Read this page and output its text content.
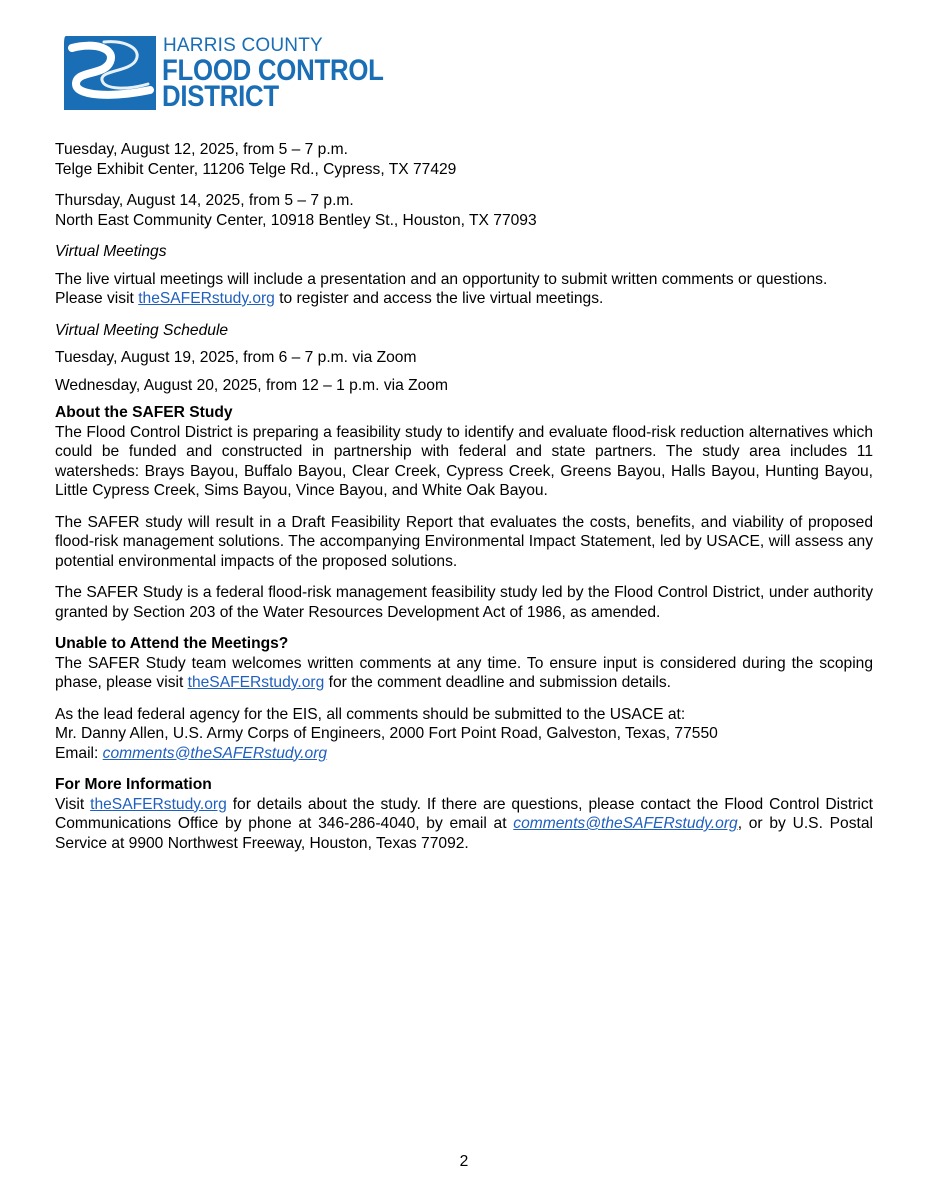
HARRIS COUNTY
FLOOD CONTROL
DISTRICT

Tuesday, August 12, 2025, from 5 – 7 p.m.
Telge Exhibit Center, 11206 Telge Rd., Cypress, TX 77429

Thursday, August 14, 2025, from 5 – 7 p.m.
North East Community Center, 10918 Bentley St., Houston, TX 77093

Virtual Meetings

The live virtual meetings will include a presentation and an opportunity to submit written comments or questions. Please visit theSAFERstudy.org to register and access the live virtual meetings.

Virtual Meeting Schedule

Tuesday, August 19, 2025, from 6 – 7 p.m. via Zoom

Wednesday, August 20, 2025, from 12 – 1 p.m. via Zoom

About the SAFER Study

The Flood Control District is preparing a feasibility study to identify and evaluate flood-risk reduction alternatives which could be funded and constructed in partnership with federal and state partners. The study area includes 11 watersheds: Brays Bayou, Buffalo Bayou, Clear Creek, Cypress Creek, Greens Bayou, Halls Bayou, Hunting Bayou, Little Cypress Creek, Sims Bayou, Vince Bayou, and White Oak Bayou.

The SAFER study will result in a Draft Feasibility Report that evaluates the costs, benefits, and viability of proposed flood-risk management solutions. The accompanying Environmental Impact Statement, led by USACE, will assess any potential environmental impacts of the proposed solutions.

The SAFER Study is a federal flood-risk management feasibility study led by the Flood Control District, under authority granted by Section 203 of the Water Resources Development Act of 1986, as amended.

Unable to Attend the Meetings?

The SAFER Study team welcomes written comments at any time. To ensure input is considered during the scoping phase, please visit theSAFERstudy.org for the comment deadline and submission details.

As the lead federal agency for the EIS, all comments should be submitted to the USACE at:
Mr. Danny Allen, U.S. Army Corps of Engineers, 2000 Fort Point Road, Galveston, Texas, 77550
Email: comments@theSAFERstudy.org

For More Information

Visit theSAFERstudy.org for details about the study. If there are questions, please contact the Flood Control District Communications Office by phone at 346-286-4040, by email at comments@theSAFERstudy.org, or by U.S. Postal Service at 9900 Northwest Freeway, Houston, Texas 77092.

2
